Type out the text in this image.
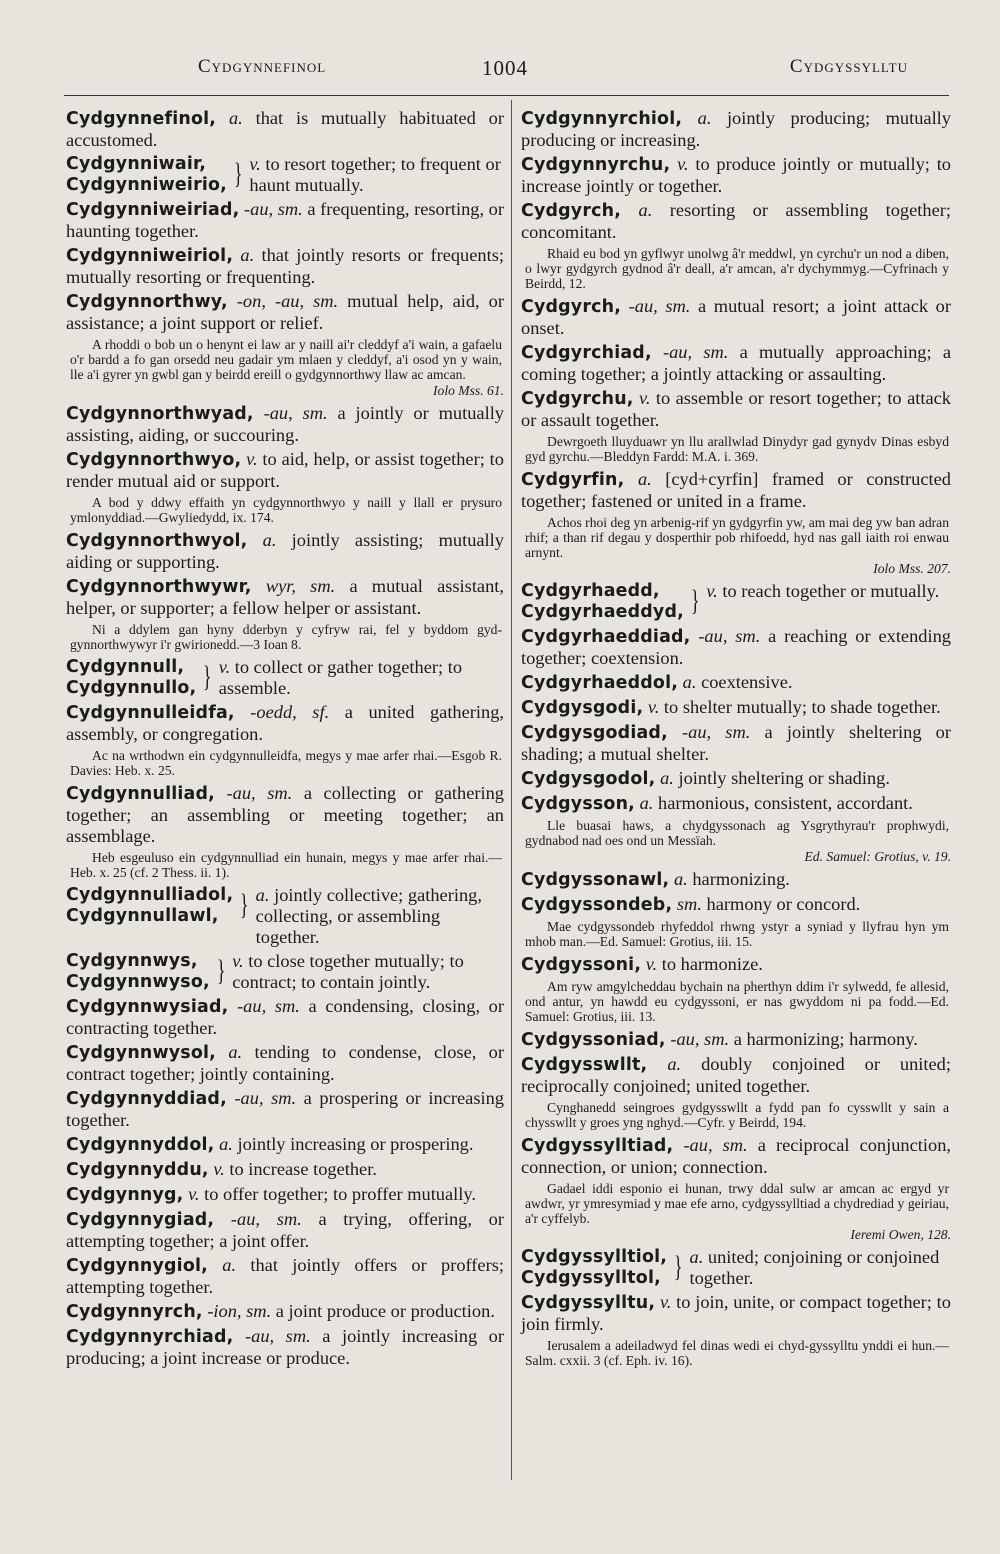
Cydgynnefinol	1004	Cydgyssylltu
Cydgynnefinol, a. that is mutually habituated or accustomed.
Cydgynniwair,
Cydgynniweirio, } v. to resort together; to frequent or haunt mutually.
Cydgynniweiriad, -au, sm. a frequenting, resorting, or haunting together.
Cydgynniweiriol, a. that jointly resorts or frequents; mutually resorting or frequenting.
Cydgynnorthwy, -on, -au, sm. mutual help, aid, or assistance; a joint support or relief.
A rhoddi o bob un o henynt ei law ar y naill ai'r cleddyf a'i wain, a gafaelu o'r bardd a fo gan orsedd neu gadair ym mlaen y cleddyf, a'i osod yn y wain, lle a'i gyrer yn gwbl gan y beirdd ereill o gydgynnorthwy llaw ac amcan.
Iolo Mss. 61.
Cydgynnorthwyad, -au, sm. a jointly or mutually assisting, aiding, or succouring.
Cydgynnorthwyo, v. to aid, help, or assist together; to render mutual aid or support.
A bod y ddwy effaith yn cydgynnorthwyo y naill y llall er prysuro ymlonyddiad.—Gwyliedydd, ix. 174.
Cydgynnorthwyol, a. jointly assisting; mutually aiding or supporting.
Cydgynnorthwywr, wyr, sm. a mutual assistant, helper, or supporter; a fellow helper or assistant.
Ni a ddylem gan hyny dderbyn y cyfryw rai, fel y byddom gyd-gynnorthwywyr i'r gwirionedd.—3 Ioan 8.
Cydgynnull,
Cydgynnullo, } v. to collect or gather together; to assemble.
Cydgynnulleidfa, -oedd, sf. a united gathering, assembly, or congregation.
Ac na wrthodwn ein cydgynnulleidfa, megys y mae arfer rhai.—Esgob R. Davies: Heb. x. 25.
Cydgynnulliad, -au, sm. a collecting or gathering together; an assembling or meeting together; an assemblage.
Heb esgeuluso ein cydgynnulliad ein hunain, megys y mae arfer rhai.—Heb. x. 25 (cf. 2 Thess. ii. 1).
Cydgynnulliadol,
Cydgynnullawl, } a. jointly collective; gathering, collecting, or assembling together.
Cydgynnwys,
Cydgynnwyso, } v. to close together mutually; to contract; to contain jointly.
Cydgynnwysiad, -au, sm. a condensing, closing, or contracting together.
Cydgynnwysol, a. tending to condense, close, or contract together; jointly containing.
Cydgynnyddiad, -au, sm. a prospering or increasing together.
Cydgynnyddol, a. jointly increasing or prospering.
Cydgynnyddu, v. to increase together.
Cydgynnyg, v. to offer together; to proffer mutually.
Cydgynnygiad, -au, sm. a trying, offering, or attempting together; a joint offer.
Cydgynnygiol, a. that jointly offers or proffers; attempting together.
Cydgynnyrch, -ion, sm. a joint produce or production.
Cydgynnyrchiad, -au, sm. a jointly increasing or producing; a joint increase or produce.
Cydgynnyrchiol, a. jointly producing; mutually producing or increasing.
Cydgynnyrchu, v. to produce jointly or mutually; to increase jointly or together.
Cydgyrch, a. resorting or assembling together; concomitant.
Rhaid eu bod yn gyflwyr unolwg â'r meddwl, yn cyrchu'r un nod a diben, o lwyr gydgyrch gydnod â'r deall, a'r amcan, a'r dychymmyg.—Cyfrinach y Beirdd, 12.
Cydgyrch, -au, sm. a mutual resort; a joint attack or onset.
Cydgyrchiad, -au, sm. a mutually approaching; a coming together; a jointly attacking or assaulting.
Cydgyrchu, v. to assemble or resort together; to attack or assault together.
Dewrgoeth lluyduawr yn llu arallwlad Dinydyr gad gynydv Dinas esbyd gyd gyrchu.—Bleddyn Fardd: M.A. i. 369.
Cydgyrfin, a. [cyd+cyrfin] framed or constructed together; fastened or united in a frame.
Achos rhoi deg yn arbenig-rif yn gydgyrfin yw, am mai deg yw ban adran rhif; a than rif degau y dosperthir pob rhifoedd, hyd nas gall iaith roi enwau arnynt.
Iolo Mss. 207.
Cydgyrhaedd,
Cydgyrhaeddyd, } v. to reach together or mutually.
Cydgyrhaeddiad, -au, sm. a reaching or extending together; coextension.
Cydgyrhaeddol, a. coextensive.
Cydgysgodi, v. to shelter mutually; to shade together.
Cydgysgodiad, -au, sm. a jointly sheltering or shading; a mutual shelter.
Cydgysgodol, a. jointly sheltering or shading.
Cydgysson, a. harmonious, consistent, accordant.
Lle buasai haws, a chydgyssonach ag Ysgrythyrau'r prophwydi, gydnabod nad oes ond un Messïah.
Ed. Samuel: Grotius, v. 19.
Cydgyssonawl, a. harmonizing.
Cydgyssondeb, sm. harmony or concord.
Mae cydgyssondeb rhyfeddol rhwng ystyr a syniad y llyfrau hyn ym mhob man.—Ed. Samuel: Grotius, iii. 15.
Cydgyssoni, v. to harmonize.
Am ryw amgylcheddau bychain na pherthyn ddim i'r sylwedd, fe allesid, ond antur, yn hawdd eu cydgyssoni, er nas gwyddom ni pa fodd.—Ed. Samuel: Grotius, iii. 13.
Cydgyssoniad, -au, sm. a harmonizing; harmony.
Cydgysswllt, a. doubly conjoined or united; reciprocally conjoined; united together.
Cynghanedd seingroes gydgysswllt a fydd pan fo cysswllt y sain a chysswllt y groes yng nghyd.—Cyfr. y Beirdd, 194.
Cydgyssylltiad, -au, sm. a reciprocal conjunction, connection, or union; connection.
Gadael iddi esponio ei hunan, trwy ddal sulw ar amcan ac ergyd yr awdwr, yr ymresymiad y mae efe arno, cydgyssylltiad a chydrediad y geiriau, a'r cyffelyb.
Ieremi Owen, 128.
Cydgyssylltiol,
Cydgyssylltol, } a. united; conjoining or conjoined together.
Cydgyssylltu, v. to join, unite, or compact together; to join firmly.
Ierusalem a adeiladwyd fel dinas wedi ei chyd-gyssylltu ynddi ei hun.—Salm. cxxii. 3 (cf. Eph. iv. 16).
